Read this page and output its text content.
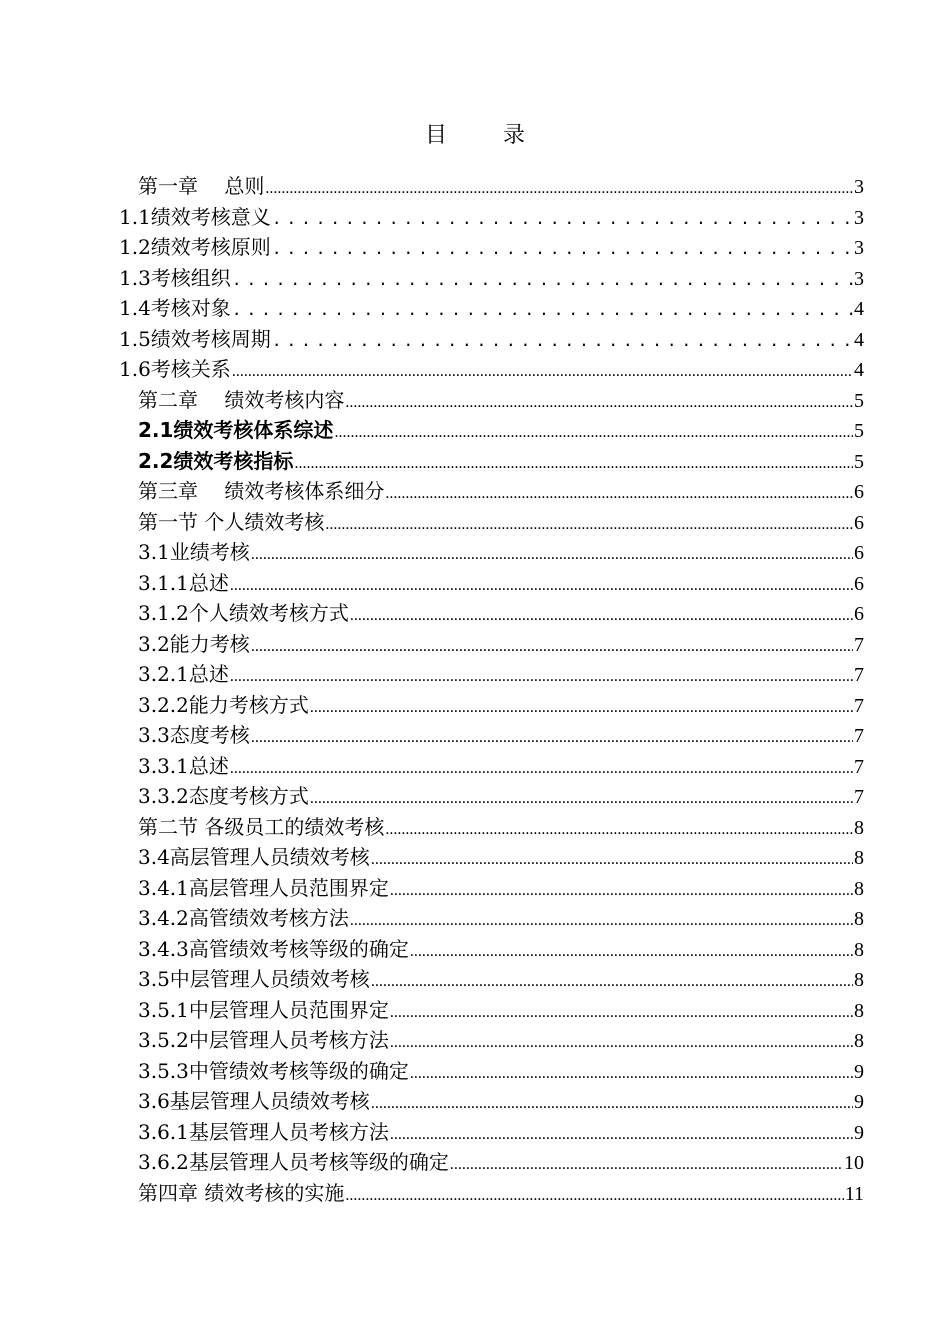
目	录
第一章　 总则 .....	3
1.1绩效考核意义 .....	3
1.2绩效考核原则 .....	3
1.3考核组织 .....	3
1.4考核对象 .....	4
1.5绩效考核周期 .....	4
1.6考核关系 .....	4
第二章　 绩效考核内容 .....	5
2.1绩效考核体系综述 .....	5
2.2绩效考核指标 .....	5
第三章　 绩效考核体系细分 .....	6
第一节 个人绩效考核 .....	6
3.1业绩考核 .....	6
3.1.1总述 .....	6
3.1.2个人绩效考核方式 .....	6
3.2能力考核 .....	7
3.2.1总述 .....	7
3.2.2能力考核方式 .....	7
3.3态度考核 .....	7
3.3.1总述 .....	7
3.3.2态度考核方式 .....	7
第二节 各级员工的绩效考核 .....	8
3.4高层管理人员绩效考核 .....	8
3.4.1高层管理人员范围界定 .....	8
3.4.2高管绩效考核方法 .....	8
3.4.3高管绩效考核等级的确定 .....	8
3.5中层管理人员绩效考核 .....	8
3.5.1中层管理人员范围界定 .....	8
3.5.2中层管理人员考核方法 .....	8
3.5.3中管绩效考核等级的确定 .....	9
3.6基层管理人员绩效考核 .....	9
3.6.1基层管理人员考核方法 .....	9
3.6.2基层管理人员考核等级的确定 .....	10
第四章 绩效考核的实施 .....	11
